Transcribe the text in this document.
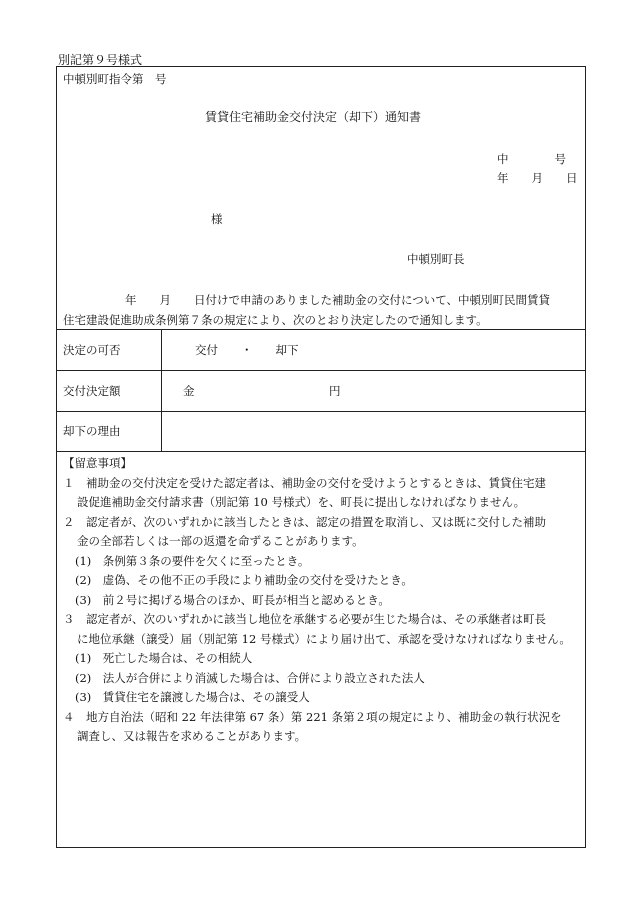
別記第９号様式
中頓別町指令第　号
賃貸住宅補助金交付決定（却下）通知書
中　　　　号
年　　月　　日
様
中頓別町長
年　　月　　日付けで申請のありました補助金の交付について、中頓別町民間賃貸
住宅建設促進助成条例第７条の規定により、次のとおり決定したので通知します。
決定の可否	交付　　・　　却下
交付決定額	金	円
却下の理由
【留意事項】
１　補助金の交付決定を受けた認定者は、補助金の交付を受けようとするときは、賃貸住宅建
設促進補助金交付請求書（別記第 10 号様式）を、町長に提出しなければなりません。
２　認定者が、次のいずれかに該当したときは、認定の措置を取消し、又は既に交付した補助
金の全部若しくは一部の返還を命ずることがあります。
(1)　条例第３条の要件を欠くに至ったとき。
(2)　虚偽、その他不正の手段により補助金の交付を受けたとき。
(3)　前２号に掲げる場合のほか、町長が相当と認めるとき。
３　認定者が、次のいずれかに該当し地位を承継する必要が生じた場合は、その承継者は町長
に地位承継（譲受）届（別記第 12 号様式）により届け出て、承認を受けなければなりません。
(1)　死亡した場合は、その相続人
(2)　法人が合併により消滅した場合は、合併により設立された法人
(3)　賃貸住宅を譲渡した場合は、その譲受人
４　地方自治法（昭和 22 年法律第 67 条）第 221 条第２項の規定により、補助金の執行状況を
調査し、又は報告を求めることがあります。
